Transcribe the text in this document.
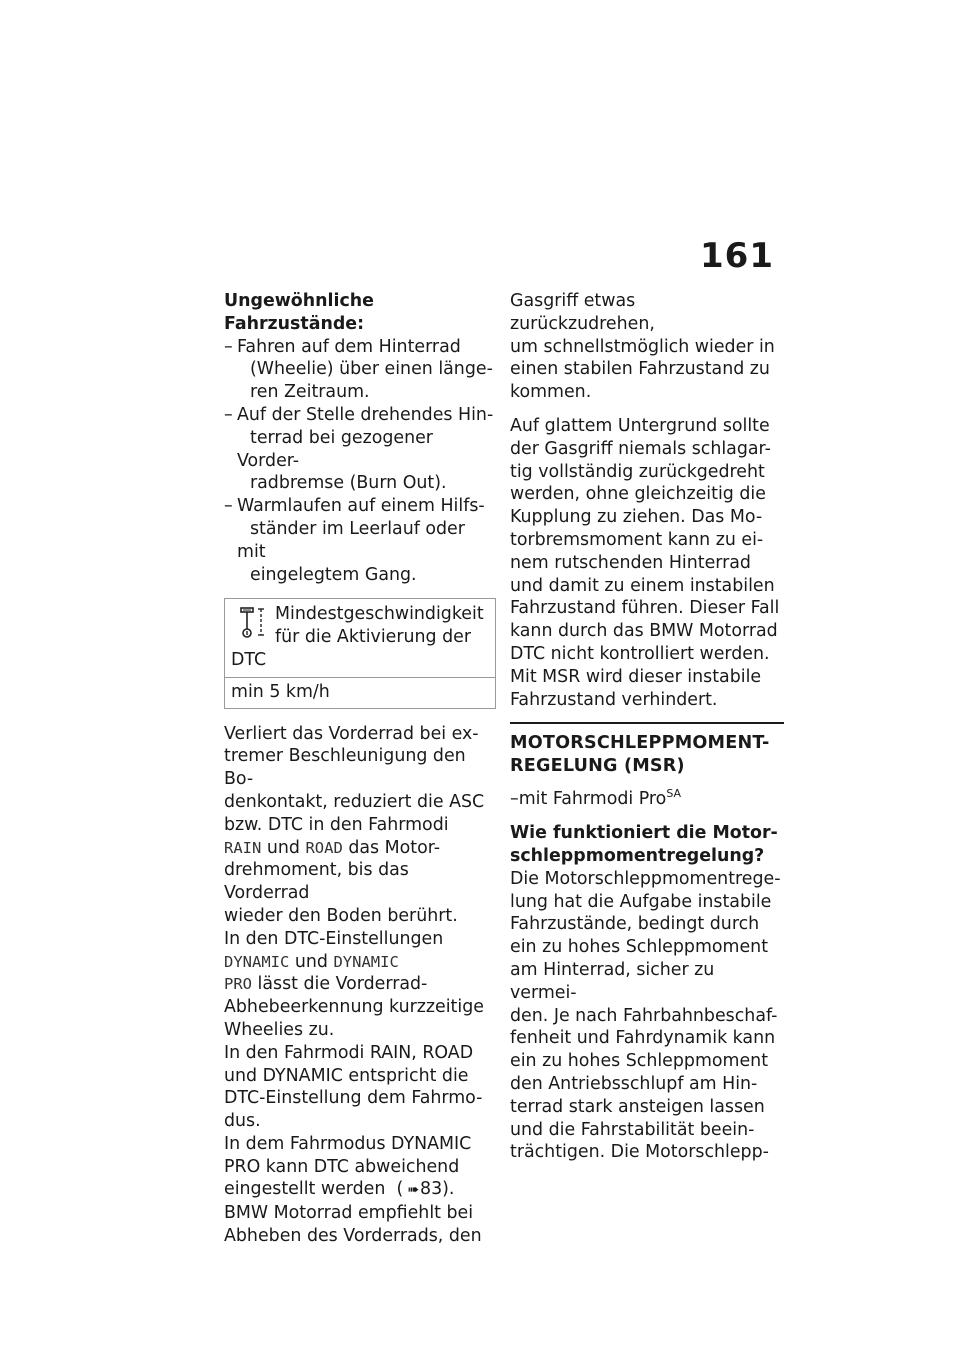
161

Ungewöhnliche Fahrzustände:

– Fahren auf dem Hinterrad
(Wheelie) über einen länge-
ren Zeitraum.
– Auf der Stelle drehendes Hin-
terrad bei gezogener Vorder-
radbremse (Burn Out).
– Warmlaufen auf einem Hilfs-
ständer im Leerlauf oder mit
eingelegtem Gang.
Mindestgeschwindigkeit
für die Aktivierung der

DTC
min 5 km/h

Verliert das Vorderrad bei ex-
tremer Beschleunigung den Bo-
denkontakt, reduziert die ASC
bzw. DTC in den Fahrmodi
RAIN und ROAD das Motor-
drehmoment, bis das Vorderrad
wieder den Boden berührt.

In den DTC-Einstellungen
DYNAMIC und DYNAMIC
PRO lässt die Vorderrad-
Abhebeerkennung kurzzeitige
Wheelies zu.

In den Fahrmodi RAIN, ROAD
und DYNAMIC entspricht die
DTC-Einstellung dem Fahrmo-
dus.

In dem Fahrmodus DYNAMIC
PRO kann DTC abweichend
eingestellt werden ( ➠83).

BMW Motorrad empfiehlt bei
Abheben des Vorderrads, den

Gasgriff etwas zurückzudrehen,
um schnellstmöglich wieder in
einen stabilen Fahrzustand zu
kommen.

Auf glattem Untergrund sollte
der Gasgriff niemals schlagar-
tig vollständig zurückgedreht
werden, ohne gleichzeitig die
Kupplung zu ziehen. Das Mo-
torbremsmoment kann zu ei-
nem rutschenden Hinterrad
und damit zu einem instabilen
Fahrzustand führen. Dieser Fall
kann durch das BMW Motorrad
DTC nicht kontrolliert werden.
Mit MSR wird dieser instabile
Fahrzustand verhindert.

MOTORSCHLEPPMOMENT-
REGELUNG (MSR)

–mit Fahrmodi Pro$^{SA}$

Wie funktioniert die Motor-
schleppmomentregelung?

Die Motorschleppmomentrege-
lung hat die Aufgabe instabile
Fahrzustände, bedingt durch
ein zu hohes Schleppmoment
am Hinterrad, sicher zu vermei-
den. Je nach Fahrbahnbeschaf-
fenheit und Fahrdynamik kann
ein zu hohes Schleppmoment
den Antriebsschlupf am Hin-
terrad stark ansteigen lassen
und die Fahrstabilität beein-
trächtigen. Die Motorschlepp-
